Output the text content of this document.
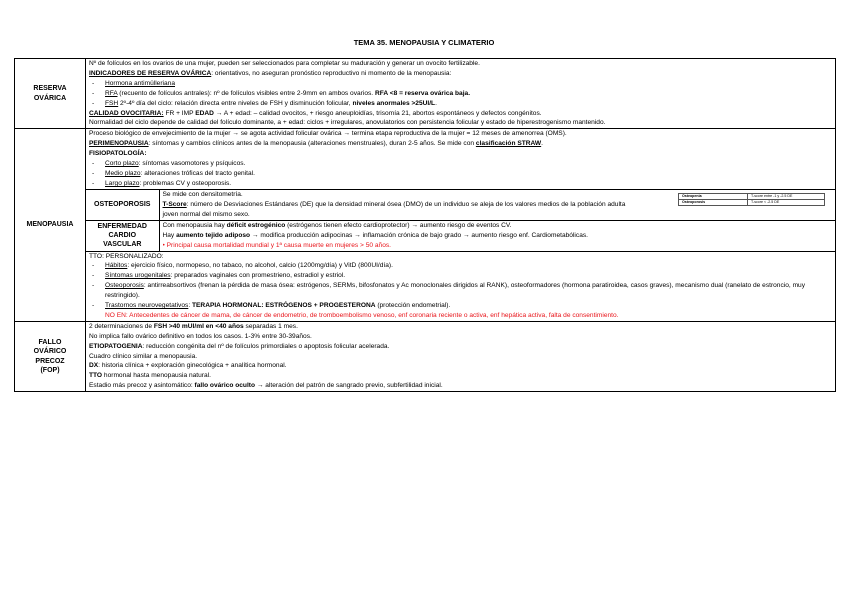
TEMA 35. MENOPAUSIA Y CLIMATERIO
RESERVA
OVÁRICA	
Nº de folículos en los ovarios de una mujer, pueden ser seleccionados para completar su maduración y generar un ovocito fertilizable.
INDICADORES DE RESERVA OVÁRICA: orientativos, no aseguran pronóstico reproductivo ni momento de la menopausia:
- Hormona antimülleriana
- RFA (recuento de folículos antrales): nº de folículos visibles entre 2-9mm en ambos ovarios. RFA <8 = reserva ovárica baja.
- FSH 2º-4º día del ciclo: relación directa entre niveles de FSH y disminución folicular, niveles anormales >25UI/L.
CALIDAD OVOCITARIA: FR + IMP EDAD → A + edad: – calidad ovocitos, + riesgo aneuploidías, trisomía 21, abortos espontáneos y defectos congénitos.
Normalidad del ciclo depende de calidad del folículo dominante, a + edad: ciclos + irregulares, anovulatorios con persistencia folicular y estado de hiperestrogenismo mantenido.

MENOPAUSIA	
Proceso biológico de envejecimiento de la mujer → se agota actividad folicular ovárica → termina etapa reproductiva de la mujer = 12 meses de amenorrea (OMS).
PERIMENOPAUSIA: síntomas y cambios clínicos antes de la menopausia (alteraciones menstruales), duran 2-5 años. Se mide con clasificación STRAW.
FISIOPATOLOGÍA:
- Corto plazo: síntomas vasomotores y psíquicos.
- Medio plazo: alteraciones tróficas del tracto genital.
- Largo plazo: problemas CV y osteoporosis.

OSTEOPOROSIS	
Se mide con densitometría.
T-Score: número de Desviaciones Estándares (DE) que la densidad mineral ósea (DMO) de un individuo se aleja de los valores medios de la población adulta joven normal del mismo sexo.
Osteopenia	T-score entre -1 y -2.5 DE
Osteoporosis	T-score < -2.5 DE

ENFERMEDAD
CARDIO
VASCULAR	
Con menopausia hay déficit estrogénico (estrógenos tienen efecto cardioprotector) → aumento riesgo de eventos CV.
Hay aumento tejido adiposo → modifica producción adipocinas → inflamación crónica de bajo grado → aumento riesgo enf. Cardiometabólicas.
• Principal causa mortalidad mundial y 1ª causa muerte en mujeres > 50 años.

TTO: PERSONALIZADO:
- Hábitos: ejercicio físico, normopeso, no tabaco, no alcohol, calcio (1200mg/día) y VitD (800UI/día).
- Síntomas urogenitales: preparados vaginales con promestrieno, estradiol y estriol.
- Osteoporosis: antirreabsortivos (frenan la pérdida de masa ósea: estrógenos, SERMs, bifosfonatos y Ac monoclonales dirigidos al RANK), osteoformadores (hormona paratiroidea, casos graves), mecanismo dual (ranelato de estroncio, muy restringido).
- Trastornos neurovegetativos: TERAPIA HORMONAL: ESTRÓGENOS + PROGESTERONA (protección endometrial).
NO EN: Antecedentes de cáncer de mama, de cáncer de endometrio, de tromboembolismo venoso, enf coronaria reciente o activa, enf hepática activa, falta de consentimiento.

FALLO
OVÁRICO
PRECOZ
(FOP)	
2 determinaciones de FSH >40 mUI/ml en <40 años separadas 1 mes.
No implica fallo ovárico definitivo en todos los casos. 1-3% entre 30-39años.
ETIOPATOGENIA: reducción congénita del nº de folículos primordiales o apoptosis folicular acelerada.
Cuadro clínico similar a menopausia.
DX: historia clínica + exploración ginecológica + analítica hormonal.
TTO hormonal hasta menopausia natural.
Estadio más precoz y asintomático: fallo ovárico oculto → alteración del patrón de sangrado previo, subfertilidad inicial.
